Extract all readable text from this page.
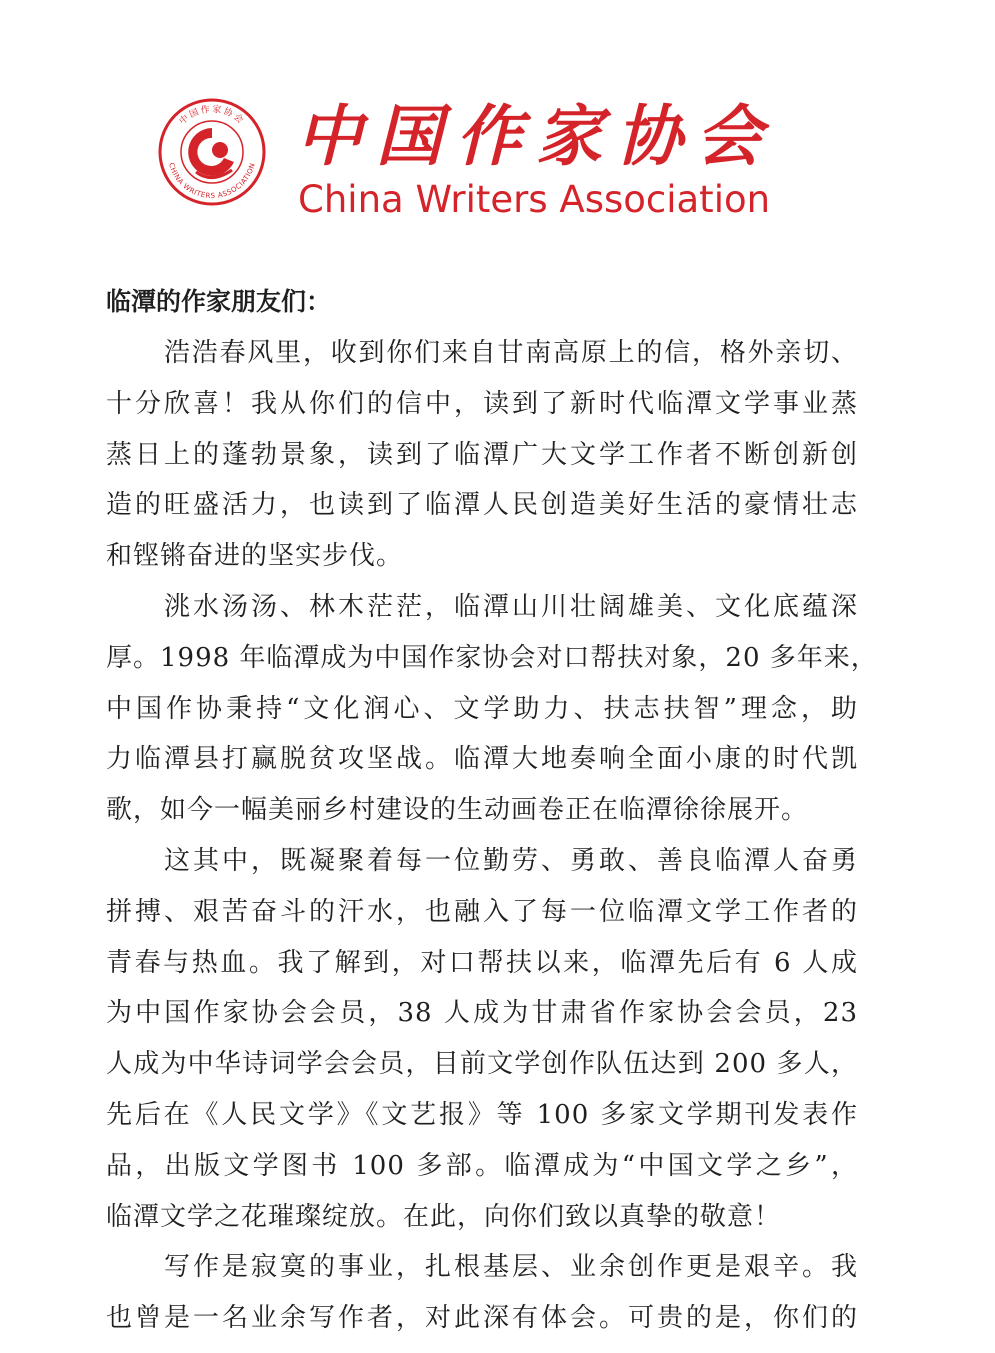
中国作家协会
CHINA WRITERS ASSOCIATION 中国作家协会
China Writers Association

临潭的作家朋友们：

浩浩春风里，收到你们来自甘南高原上的信，格外亲切、

十分欣喜！我从你们的信中，读到了新时代临潭文学事业蒸

蒸日上的蓬勃景象，读到了临潭广大文学工作者不断创新创

造的旺盛活力，也读到了临潭人民创造美好生活的豪情壮志

和铿锵奋进的坚实步伐。

洮水汤汤、林木茫茫，临潭山川壮阔雄美、文化底蕴深

厚。1998 年临潭成为中国作家协会对口帮扶对象，20 多年来，

中国作协秉持“文化润心、文学助力、扶志扶智”理念，助

力临潭县打赢脱贫攻坚战。临潭大地奏响全面小康的时代凯

歌，如今一幅美丽乡村建设的生动画卷正在临潭徐徐展开。

这其中，既凝聚着每一位勤劳、勇敢、善良临潭人奋勇

拼搏、艰苦奋斗的汗水，也融入了每一位临潭文学工作者的

青春与热血。我了解到，对口帮扶以来，临潭先后有 6 人成

为中国作家协会会员，38 人成为甘肃省作家协会会员，23

人成为中华诗词学会会员，目前文学创作队伍达到 200 多人，

先后在《人民文学》《文艺报》等 100 多家文学期刊发表作

品，出版文学图书 100 多部。临潭成为“中国文学之乡”，

临潭文学之花璀璨绽放。在此，向你们致以真挚的敬意！

写作是寂寞的事业，扎根基层、业余创作更是艰辛。我

也曾是一名业余写作者，对此深有体会。可贵的是，你们的
